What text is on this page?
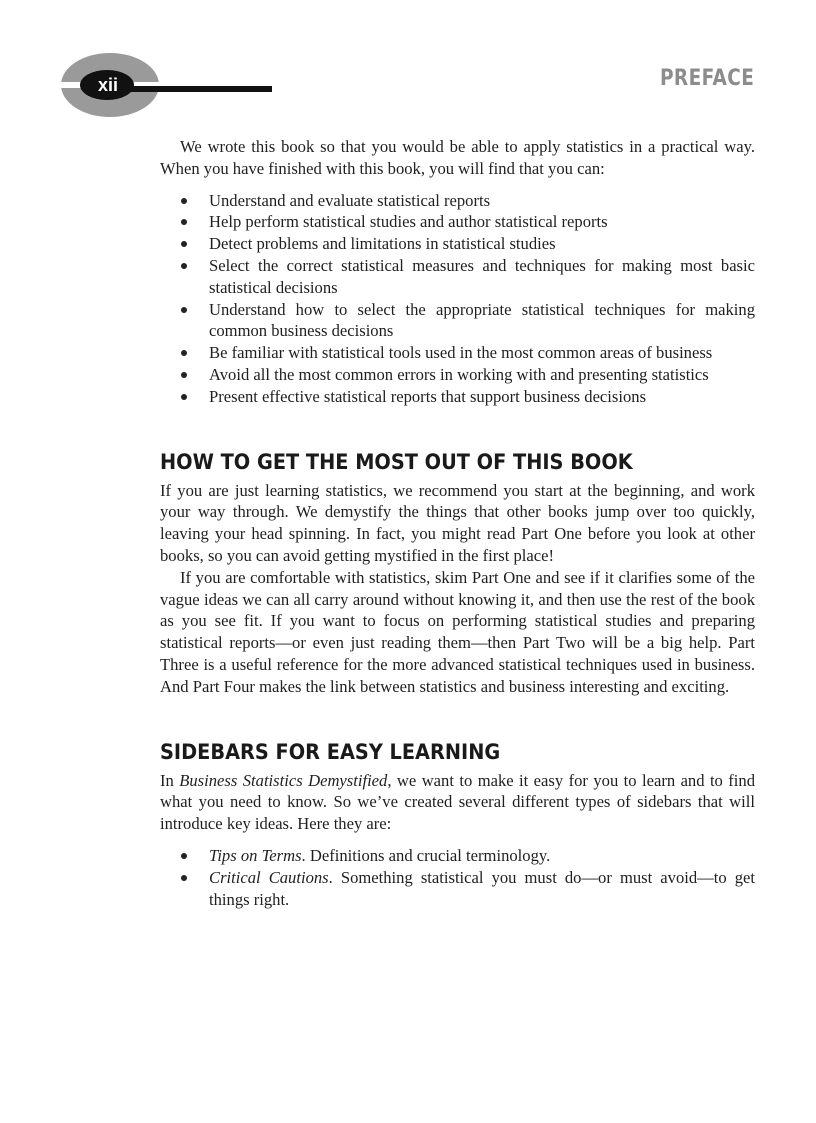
xii	PREFACE

We wrote this book so that you would be able to apply statistics in a practical way. When you have finished with this book, you will find that you can:

Understand and evaluate statistical reports
Help perform statistical studies and author statistical reports
Detect problems and limitations in statistical studies
Select the correct statistical measures and techniques for making most basic statistical decisions
Understand how to select the appropriate statistical techniques for making common business decisions
Be familiar with statistical tools used in the most common areas of business
Avoid all the most common errors in working with and presenting statistics
Present effective statistical reports that support business decisions
HOW TO GET THE MOST OUT OF THIS BOOK

If you are just learning statistics, we recommend you start at the beginning, and work your way through. We demystify the things that other books jump over too quickly, leaving your head spinning. In fact, you might read Part One before you look at other books, so you can avoid getting mystified in the first place!

If you are comfortable with statistics, skim Part One and see if it clarifies some of the vague ideas we can all carry around without knowing it, and then use the rest of the book as you see fit. If you want to focus on performing statistical studies and preparing statistical reports—or even just reading them—then Part Two will be a big help. Part Three is a useful reference for the more advanced statistical techniques used in business. And Part Four makes the link between statistics and business interesting and exciting.

SIDEBARS FOR EASY LEARNING

In Business Statistics Demystified, we want to make it easy for you to learn and to find what you need to know. So we’ve created several different types of sidebars that will introduce key ideas. Here they are:

Tips on Terms. Definitions and crucial terminology.
Critical Cautions. Something statistical you must do—or must avoid—to get things right.
